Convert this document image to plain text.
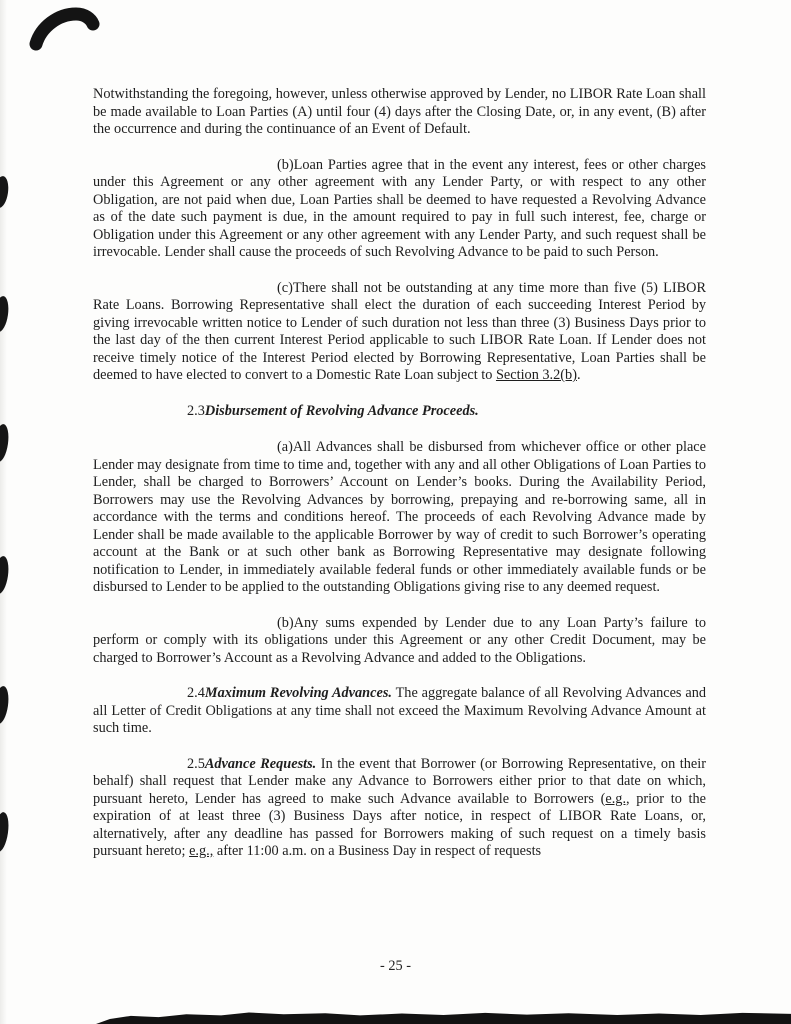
Notwithstanding the foregoing, however, unless otherwise approved by Lender, no LIBOR Rate Loan shall be made available to Loan Parties (A) until four (4) days after the Closing Date, or, in any event, (B) after the occurrence and during the continuance of an Event of Default.

(b)Loan Parties agree that in the event any interest, fees or other charges under this Agreement or any other agreement with any Lender Party, or with respect to any other Obligation, are not paid when due, Loan Parties shall be deemed to have requested a Revolving Advance as of the date such payment is due, in the amount required to pay in full such interest, fee, charge or Obligation under this Agreement or any other agreement with any Lender Party, and such request shall be irrevocable. Lender shall cause the proceeds of such Revolving Advance to be paid to such Person.

(c)There shall not be outstanding at any time more than five (5) LIBOR Rate Loans. Borrowing Representative shall elect the duration of each succeeding Interest Period by giving irrevocable written notice to Lender of such duration not less than three (3) Business Days prior to the last day of the then current Interest Period applicable to such LIBOR Rate Loan. If Lender does not receive timely notice of the Interest Period elected by Borrowing Representative, Loan Parties shall be deemed to have elected to convert to a Domestic Rate Loan subject to Section 3.2(b).

2.3Disbursement of Revolving Advance Proceeds.

(a)All Advances shall be disbursed from whichever office or other place Lender may designate from time to time and, together with any and all other Obligations of Loan Parties to Lender, shall be charged to Borrowers’ Account on Lender’s books. During the Availability Period, Borrowers may use the Revolving Advances by borrowing, prepaying and re-borrowing same, all in accordance with the terms and conditions hereof. The proceeds of each Revolving Advance made by Lender shall be made available to the applicable Borrower by way of credit to such Borrower’s operating account at the Bank or at such other bank as Borrowing Representative may designate following notification to Lender, in immediately available federal funds or other immediately available funds or be disbursed to Lender to be applied to the outstanding Obligations giving rise to any deemed request.

(b)Any sums expended by Lender due to any Loan Party’s failure to perform or comply with its obligations under this Agreement or any other Credit Document, may be charged to Borrower’s Account as a Revolving Advance and added to the Obligations.

2.4Maximum Revolving Advances. The aggregate balance of all Revolving Advances and all Letter of Credit Obligations at any time shall not exceed the Maximum Revolving Advance Amount at such time.

2.5Advance Requests. In the event that Borrower (or Borrowing Representative, on their behalf) shall request that Lender make any Advance to Borrowers either prior to that date on which, pursuant hereto, Lender has agreed to make such Advance available to Borrowers (e.g., prior to the expiration of at least three (3) Business Days after notice, in respect of LIBOR Rate Loans, or, alternatively, after any deadline has passed for Borrowers making of such request on a timely basis pursuant hereto; e.g., after 11:00 a.m. on a Business Day in respect of requests

- 25 -
